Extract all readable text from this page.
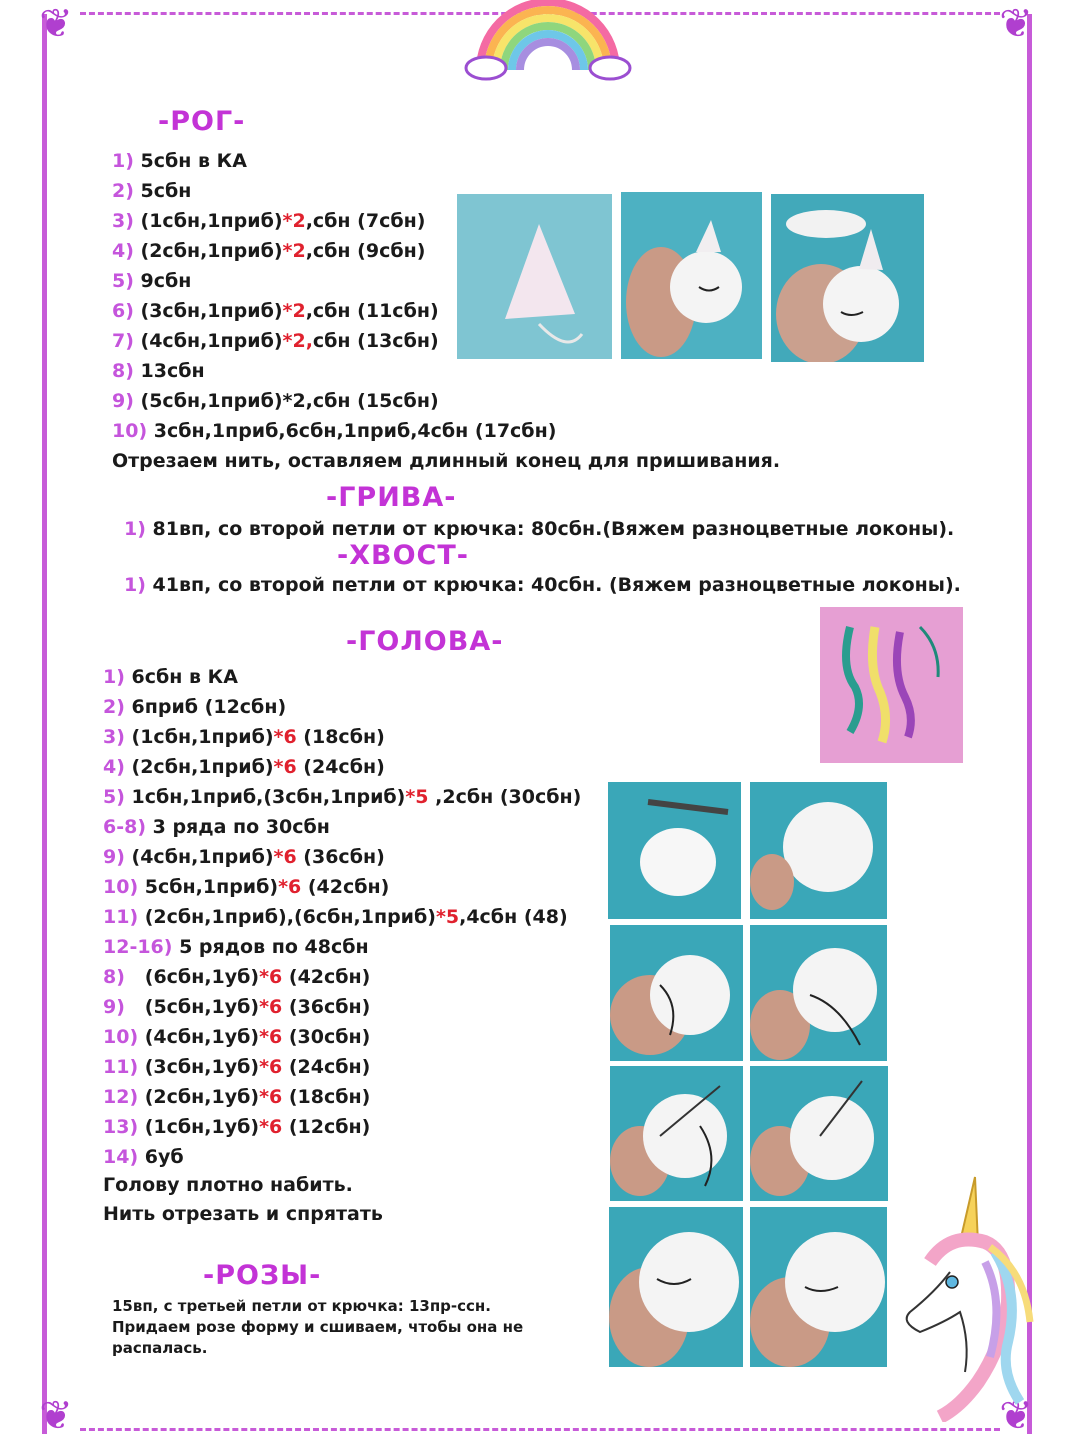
❦	❦
❦	❦
-РОГ-
1) 5сбн в КА
2) 5сбн
3) (1сбн,1приб)*2,сбн (7сбн)
4) (2сбн,1приб)*2,сбн (9сбн)
5) 9сбн
6) (3сбн,1приб)*2,сбн (11сбн)
7) (4сбн,1приб)*2,сбн (13сбн)
8) 13сбн
9) (5сбн,1приб)*2,сбн (15сбн)
10) 3сбн,1приб,6сбн,1приб,4сбн (17сбн)
Отрезаем нить, оставляем длинный конец для пришивания.
-ГРИВА-
1) 81вп, со второй петли от крючка: 80сбн.(Вяжем разноцветные локоны).
-ХВОСТ-
1) 41вп, со второй петли от крючка: 40сбн. (Вяжем разноцветные локоны).
-ГОЛОВА-
1) 6сбн в КА
2) 6приб (12сбн)
3) (1сбн,1приб)*6 (18сбн)
4) (2сбн,1приб)*6 (24сбн)
5) 1сбн,1приб,(3сбн,1приб)*5 ,2сбн (30сбн)
6-8) 3 ряда по 30сбн
9) (4сбн,1приб)*6 (36сбн)
10) 5сбн,1приб)*6 (42сбн)
11) (2сбн,1приб),(6сбн,1приб)*5,4сбн (48)
12-16) 5 рядов по 48сбн
8)   (6сбн,1уб)*6 (42сбн)
9)   (5сбн,1уб)*6 (36сбн)
10) (4сбн,1уб)*6 (30сбн)
11) (3сбн,1уб)*6 (24сбн)
12) (2сбн,1уб)*6 (18сбн)
13) (1сбн,1уб)*6 (12сбн)
14) 6уб
Голову плотно набить.
Нить отрезать и спрятать
-РОЗЫ-
15вп, с третьей петли от крючка: 13пр-ссн. Придаем розе форму и сшиваем, чтобы она не распалась.
